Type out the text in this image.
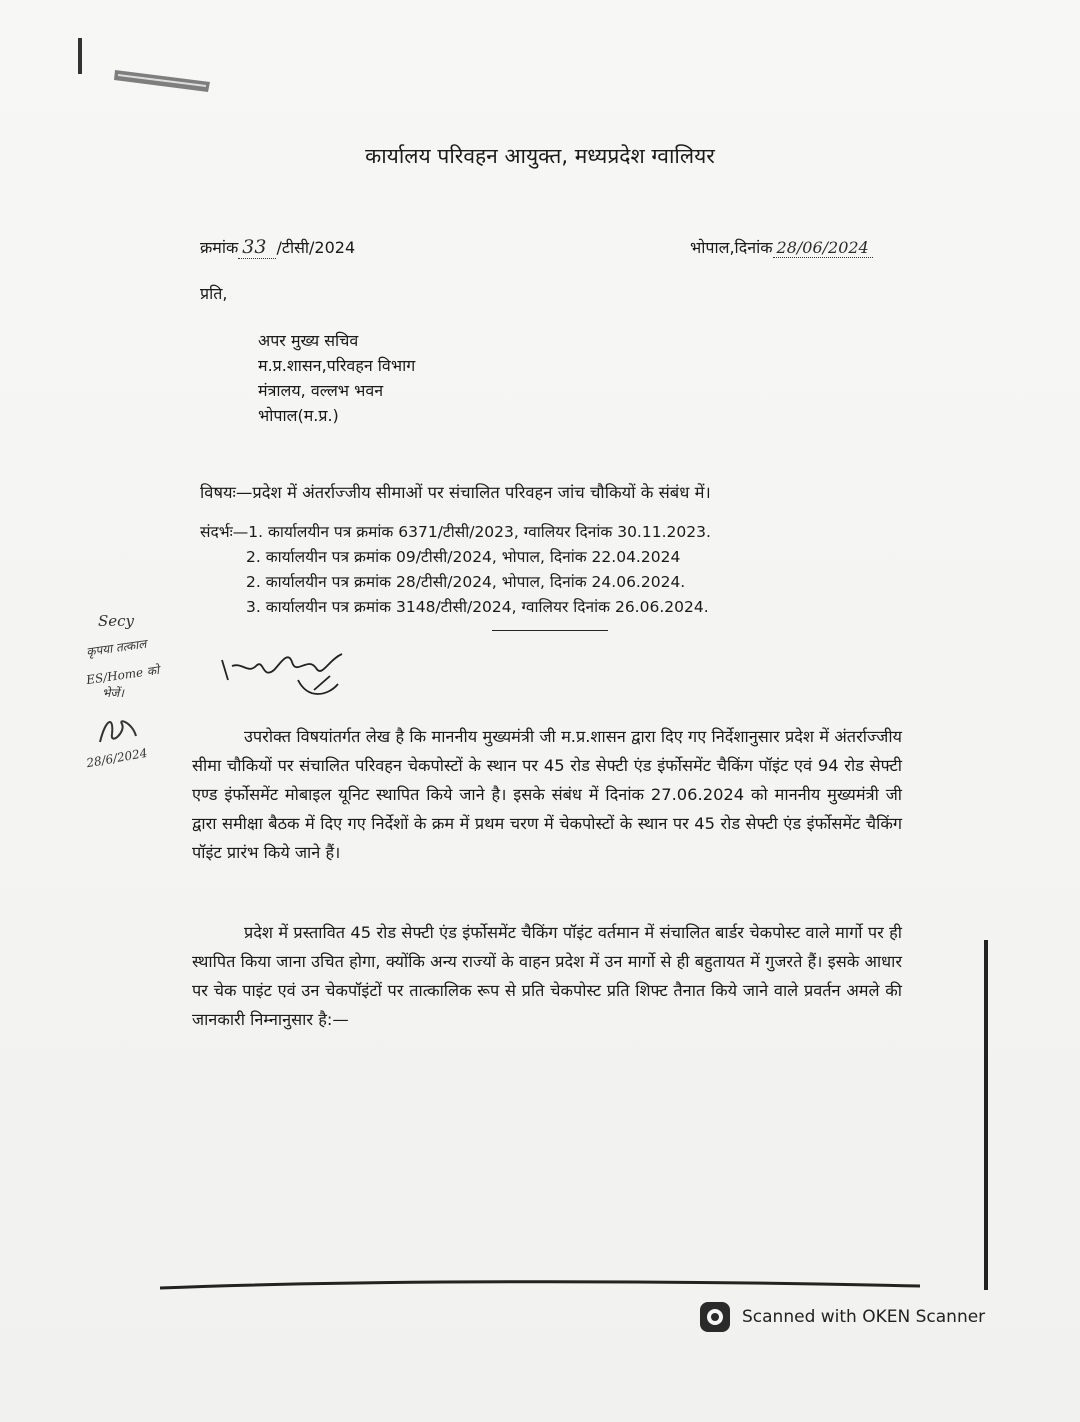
कार्यालय परिवहन आयुक्त, मध्यप्रदेश ग्वालियर
क्रमांक 33 /टीसी/2024	भोपाल,दिनांक 28/06/2024
प्रति,
अपर मुख्य सचिव
म.प्र.शासन,परिवहन विभाग
मंत्रालय, वल्लभ भवन
भोपाल(म.प्र.)
विषयः—प्रदेश में अंतर्राज्जीय सीमाओं पर संचालित परिवहन जांच चौकियों के संबंध में।
संदर्भः—1. कार्यालयीन पत्र क्रमांक 6371/टीसी/2023, ग्वालियर दिनांक 30.11.2023.
2. कार्यालयीन पत्र क्रमांक 09/टीसी/2024, भोपाल, दिनांक 22.04.2024
2. कार्यालयीन पत्र क्रमांक 28/टीसी/2024, भोपाल, दिनांक 24.06.2024.
3. कार्यालयीन पत्र क्रमांक 3148/टीसी/2024, ग्वालियर दिनांक 26.06.2024.
Secy
कृपया तत्काल
ES/Home को
भेजें।
28/6/2024

उपरोक्त विषयांतर्गत लेख है कि माननीय मुख्यमंत्री जी म.प्र.शासन द्वारा दिए गए निर्देशानुसार प्रदेश में अंतर्राज्जीय सीमा चौकियों पर संचालित परिवहन चेकपोस्टों के स्थान पर 45 रोड सेफ्टी एंड इंर्फोसमेंट चैकिंग पॉइंट एवं 94 रोड सेफ्टी एण्ड इंर्फोसमेंट मोबाइल यूनिट स्थापित किये जाने है। इसके संबंध में दिनांक 27.06.2024 को माननीय मुख्यमंत्री जी द्वारा समीक्षा बैठक में दिए गए निर्देशों के क्रम में प्रथम चरण में चेकपोस्टों के स्थान पर 45 रोड सेफ्टी एंड इंर्फोसमेंट चैकिंग पॉइंट प्रारंभ किये जाने हैं।

प्रदेश में प्रस्तावित 45 रोड सेफ्टी एंड इंर्फोसमेंट चैकिंग पॉइंट वर्तमान में संचालित बार्डर चेकपोस्ट वाले मार्गो पर ही स्थापित किया जाना उचित होगा, क्योंकि अन्य राज्यों के वाहन प्रदेश में उन मार्गो से ही बहुतायत में गुजरते हैं। इसके आधार पर चेक पाइंट एवं उन चेकपॉइंटों पर तात्कालिक रूप से प्रति चेकपोस्ट प्रति शिफ्ट तैनात किये जाने वाले प्रवर्तन अमले की जानकारी निम्नानुसार है:—

Scanned with OKEN Scanner
